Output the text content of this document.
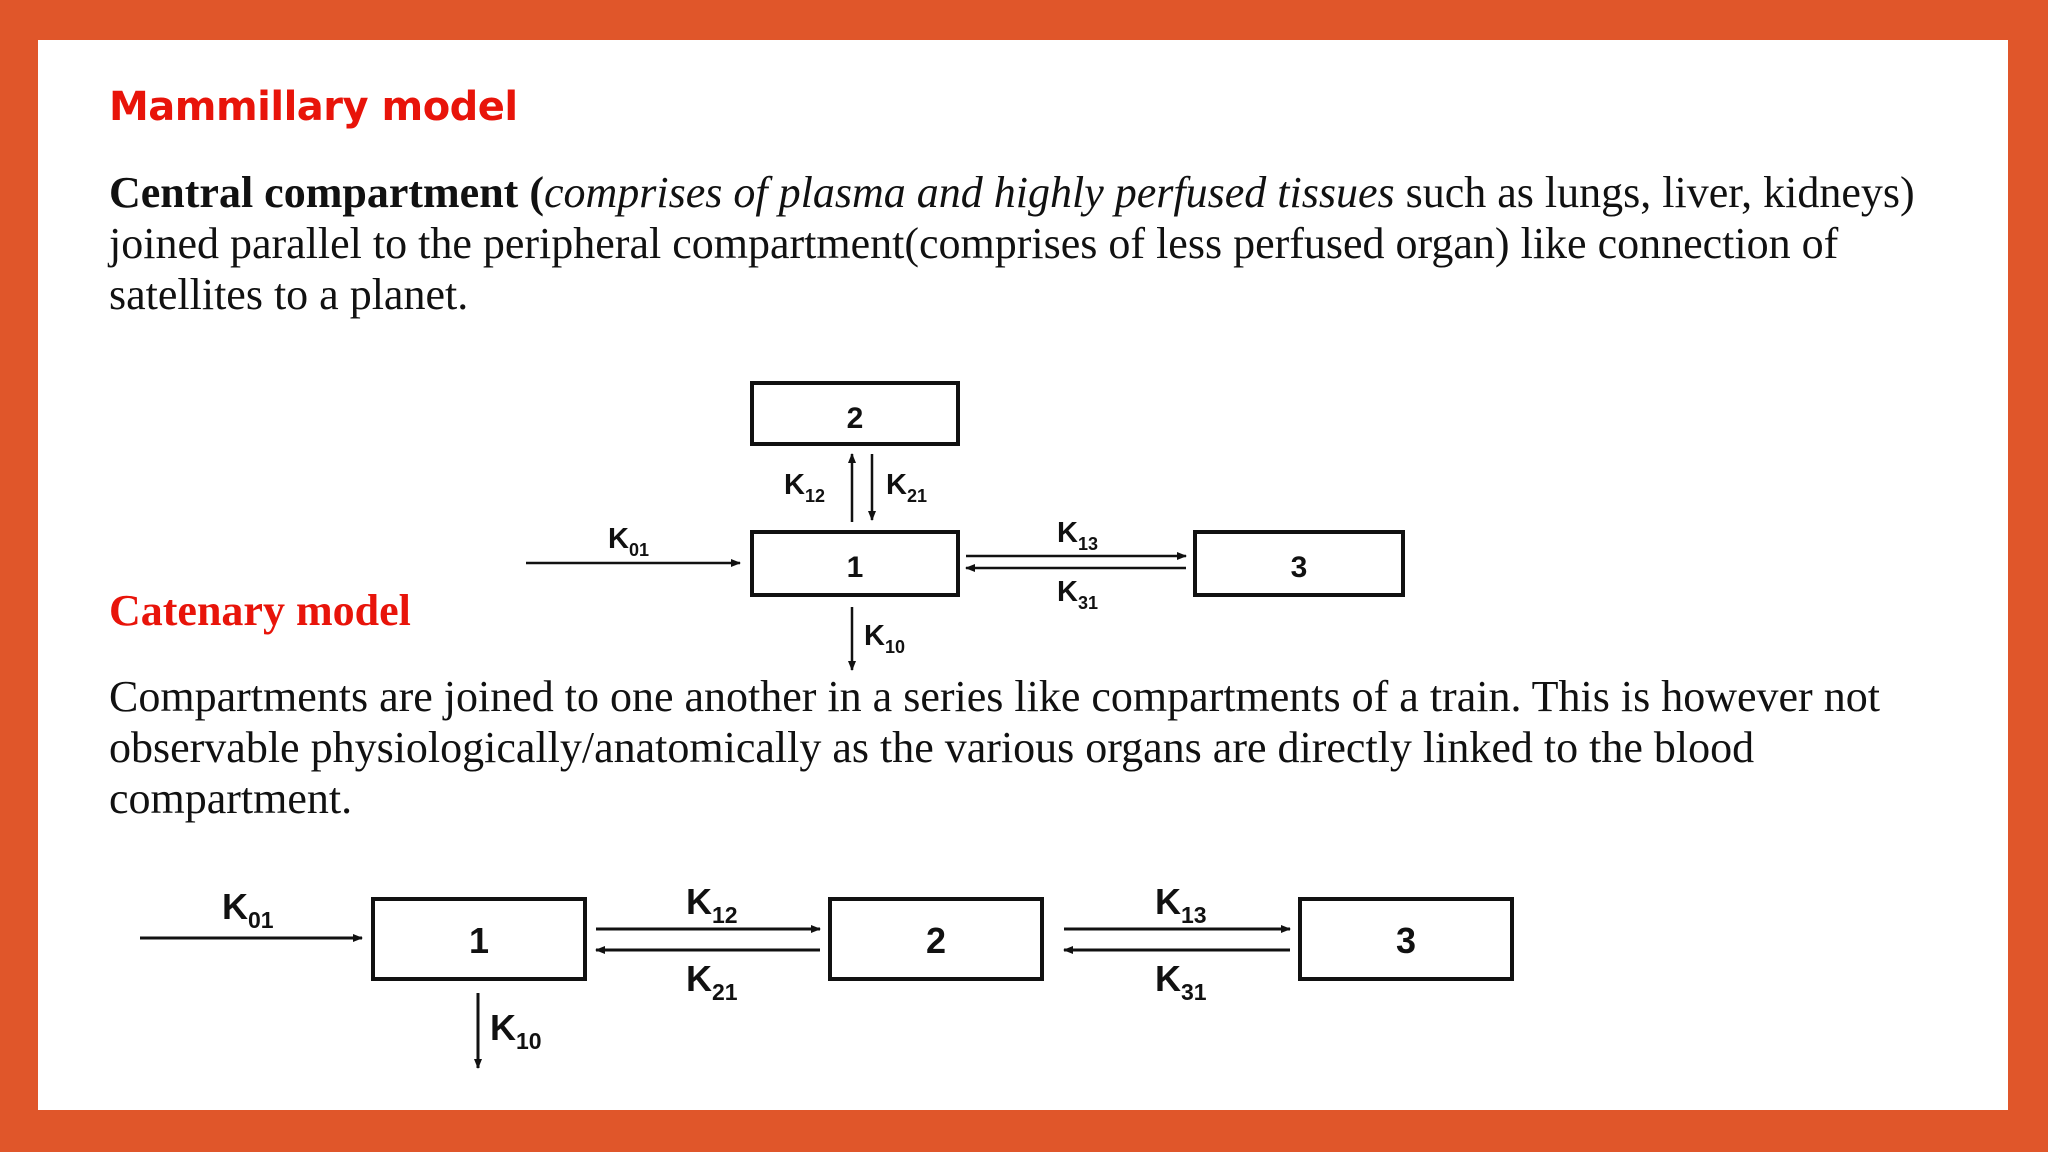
Mammillary model

Central compartment (comprises of plasma and highly perfused tissues such as lungs, liver, kidneys) joined parallel to the peripheral compartment(comprises of less perfused organ) like connection of satellites to a planet.

Catenary model

Compartments are joined to one another in a series like compartments of a train. This is however not observable physiologically/anatomically as the various organs are directly linked to the blood compartment.

2
1	3
$K_{01}$
$K_{12}$ $K_{21}$
$K_{13}$
$K_{31}$
$K_{10}$
1	2	3
$K_{01}$	$K_{12}$
$K_{21}$
$K_{13}$
$K_{31}$
$K_{10}$
